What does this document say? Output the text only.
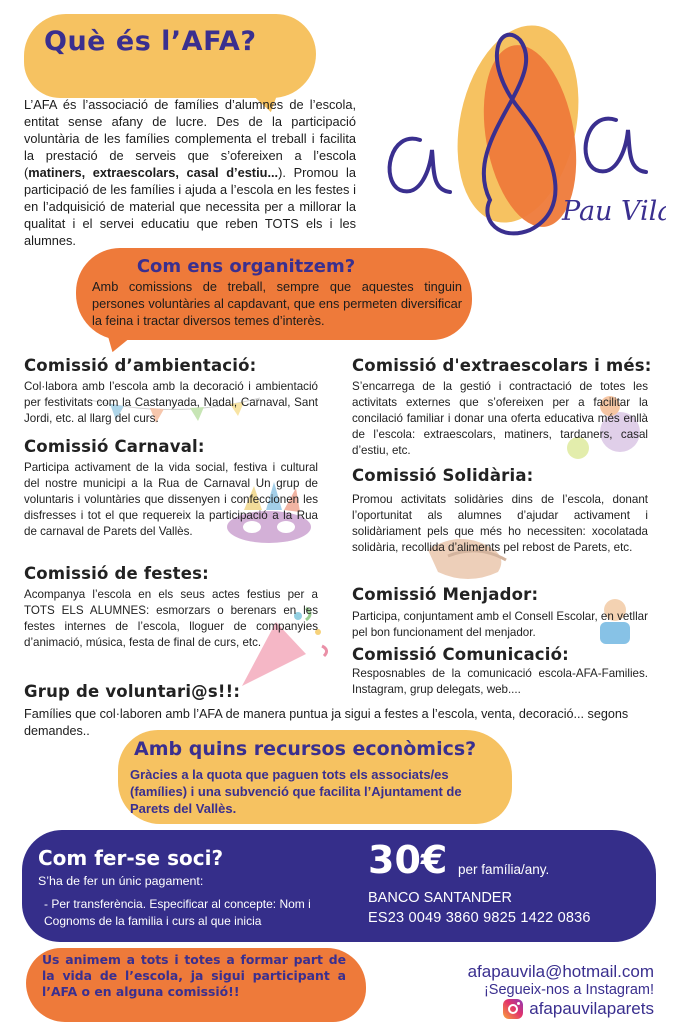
Què és l’AFA?
L’AFA és l’associació de famílies d’alumnes de l’escola, entitat sense afany de lucre. Des de la participació voluntària de les famílies complementa el treball i facilita la prestació de serveis que s’ofereixen a l’escola (matiners, extraescolars, casal d’estiu...). Promou la participació de les famílies i ajuda a l’escola en les festes i en l’adquisició de material que necessita per a millorar la qualitat i el servei educatiu que reben TOTS els i les alumnes.
Pau Vila
Com ens organitzem?
Amb comissions de treball, sempre que aquestes tinguin persones voluntàries al capdavant, que ens permeten diversificar la feina i tractar diversos temes d’interès.
Comissió d’ambientació:
Col·labora amb l’escola amb la decoració i ambientació per festivitats com la Castanyada, Nadal, Carnaval, Sant Jordi, etc. al llarg del curs.
Comissió Carnaval:
Participa activament de la vida social, festiva i cultural del nostre municipi a la Rua de Carnaval Un grup de voluntaris i voluntàries que dissenyen i confeccionen les disfresses i tot el que requereix la participació a la Rua de carnaval de Parets del Vallès.
Comissió de festes:
Acompanya l’escola en els seus actes festius per a TOTS ELS ALUMNES: esmorzars o berenars en les festes internes de l’escola, lloguer de companyies d’animació, música, festa de final de curs, etc.
Comissió d'extraescolars i més:
S’encarrega de la gestió i contractació de totes les activitats externes que s’ofereixen per a facilitar la concilació familiar i donar una oferta educativa més enllà de l’escola: extraescolars, matiners, tardaners, casal d’estiu, etc.
Comissió Solidària:
Promou activitats solidàries dins de l’escola, donant l’oportunitat als alumnes d’ajudar activament i solidàriament pels que més ho necessiten: xocolatada solidària, recollida d’aliments pel rebost de Parets, etc.
Comissió Menjador:
Participa, conjuntament amb el Consell Escolar, en vetllar pel bon funcionament del menjador.
Comissió Comunicació:
Resposnables de la comunicació escola-AFA-Families. Instagram, grup delegats, web....
Grup de voluntari@s!!:
Famílies que col·laboren amb l’AFA de manera puntua ja sigui a festes a l’escola, venta, decoració... segons demandes..
Amb quins recursos econòmics?
Gràcies a la quota que paguen tots els associats/es (famílies) i una subvenció que facilita l’Ajuntament de Parets del Vallès.
Com fer-se soci?
S’ha de fer un únic pagament:
- Per transferència. Especificar al concepte: Nom i Cognoms de la familia i curs al que inicia
30€ per família/any.
BANCO SANTANDER
ES23 0049 3860 9825 1422 0836
Us animem a tots i totes a formar part de la vida de l’escola, ja sigui participant a l’AFA o en alguna comissió!!
afapauvila@hotmail.com
¡Segueix-nos a Instagram!
afapauvilaparets
